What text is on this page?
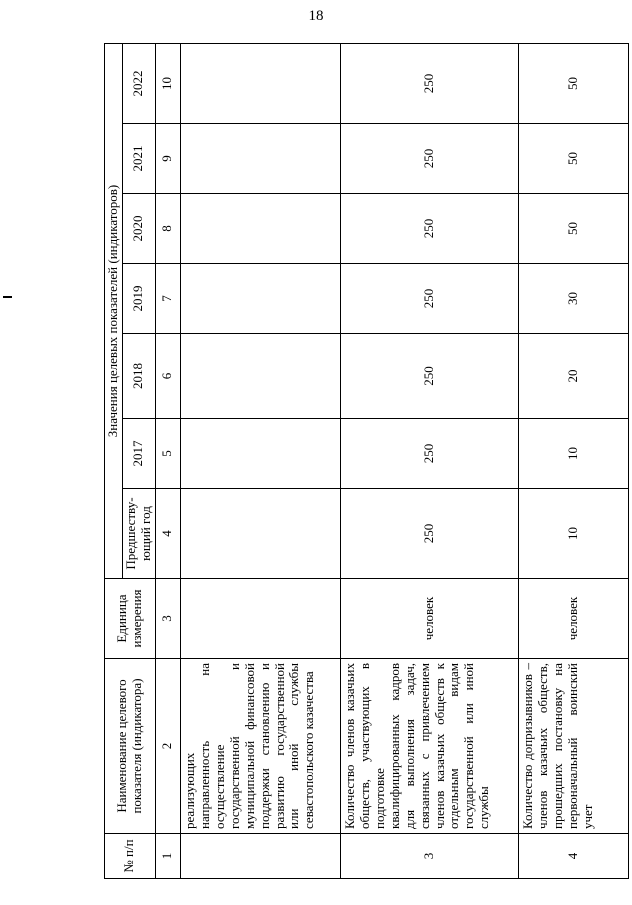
18
№ п/п	Наименование целевого показателя (индикатора)	Единица измерения	Значения целевых показателей (индикаторов)						
			Предшеству-ющий год	2017	2018	2019	2020	2021	2022
1	2	3	4	5	6	7	8	9	10
	реализующих направленность на осуществление государственной и муниципальной финансовой поддержки становлению и развитию государственной или иной службы севастопольского казачества								
3	Количество членов казачьих обществ, участвующих в подготовке квалифицированных кадров для выполнения задач, связанных с привлечением членов казачьих обществ к отдельным видам государственной или иной службы	человек	250	250	250	250	250	250	250
4	Количество допризывников – членов казачьих обществ, прошедших постановку на первоначальный воинский учет	человек	10	10	20	30	50	50	50
